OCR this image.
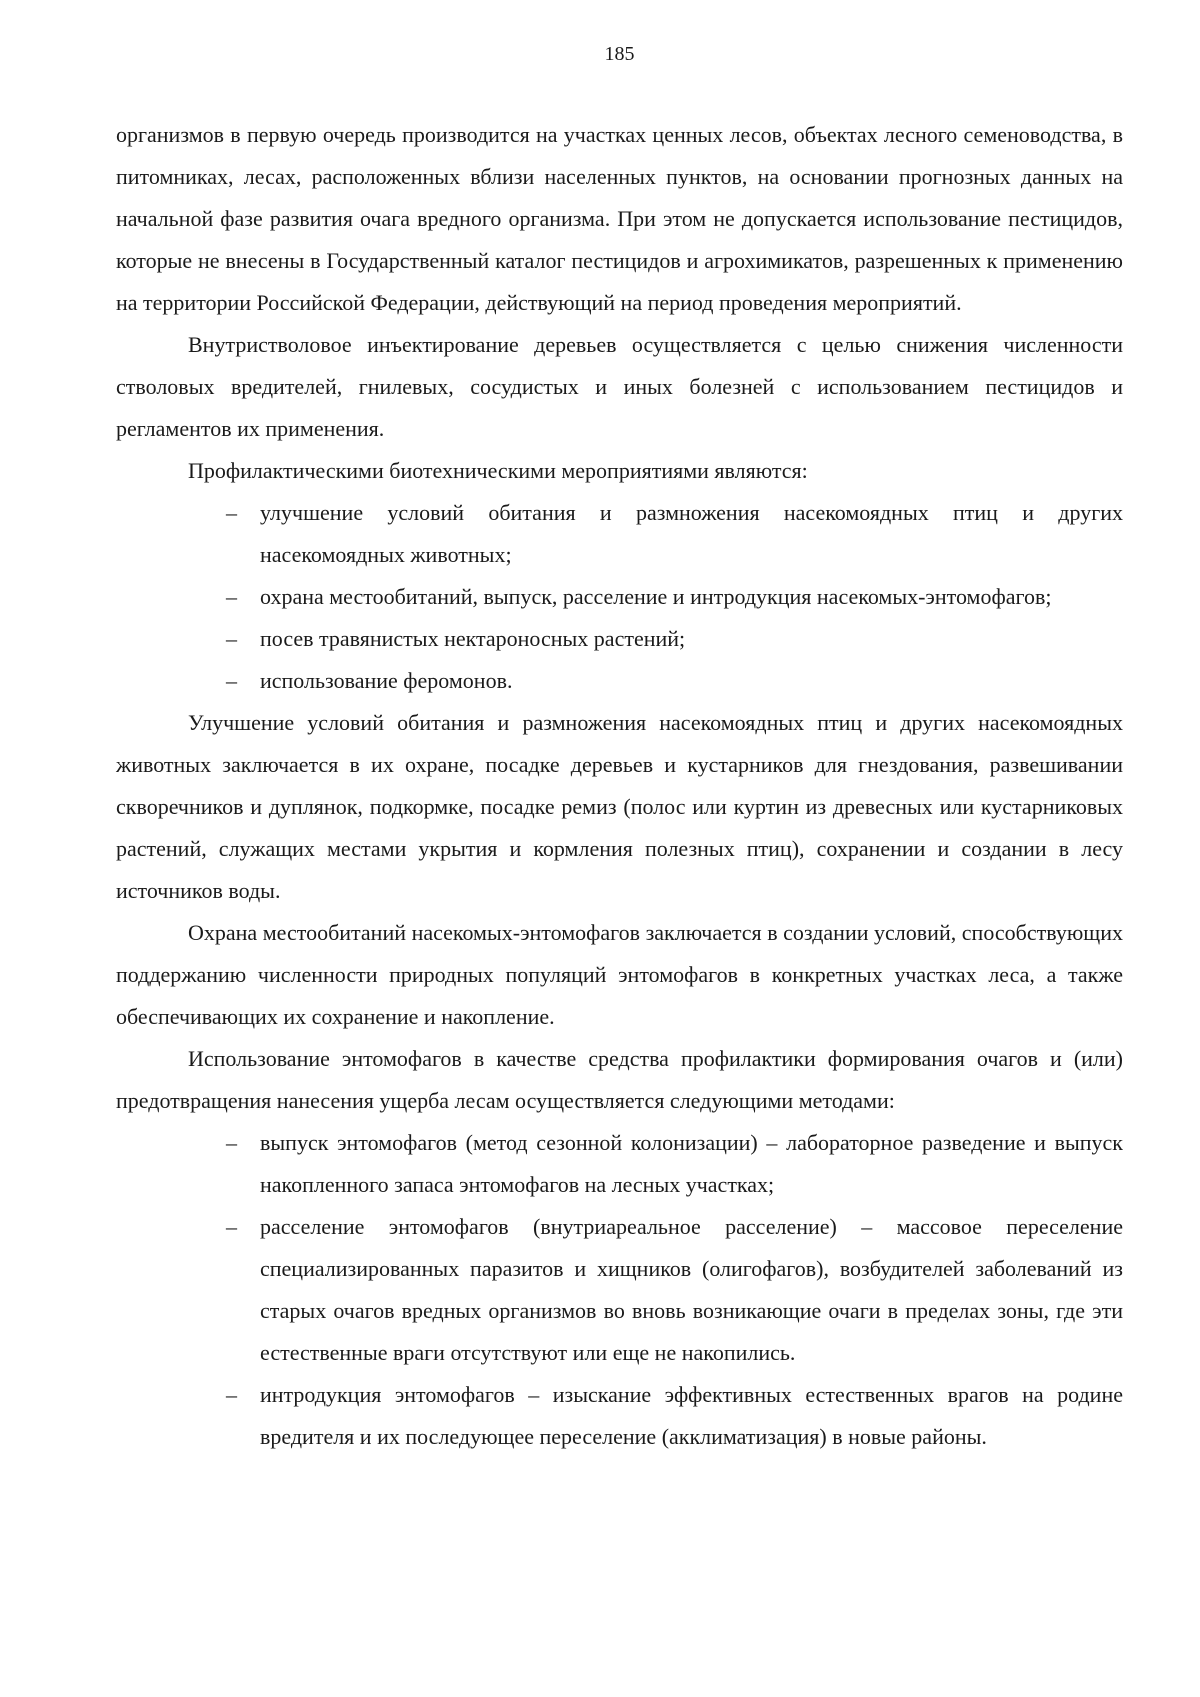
185

организмов в первую очередь производится на участках ценных лесов, объектах лесного семеноводства, в питомниках, лесах, расположенных вблизи населенных пунктов, на основании прогнозных данных на начальной фазе развития очага вредного организма. При этом не допускается использование пестицидов, которые не внесены в Государственный каталог пестицидов и агрохимикатов, разрешенных к применению на территории Российской Федерации, действующий на период проведения мероприятий.

Внутристволовое инъектирование деревьев осуществляется с целью снижения численности стволовых вредителей, гнилевых, сосудистых и иных болезней с использованием пестицидов и регламентов их применения.

Профилактическими биотехническими мероприятиями являются:

– улучшение условий обитания и размножения насекомоядных птиц и других насекомоядных животных;
– охрана местообитаний, выпуск, расселение и интродукция насекомых-энтомофагов;
– посев травянистых нектароносных растений;
– использование феромонов.

Улучшение условий обитания и размножения насекомоядных птиц и других насекомоядных животных заключается в их охране, посадке деревьев и кустарников для гнездования, развешивании скворечников и дуплянок, подкормке, посадке ремиз (полос или куртин из древесных или кустарниковых растений, служащих местами укрытия и кормления полезных птиц), сохранении и создании в лесу источников воды.

Охрана местообитаний насекомых-энтомофагов заключается в создании условий, способствующих поддержанию численности природных популяций энтомофагов в конкретных участках леса, а также обеспечивающих их сохранение и накопление.

Использование энтомофагов в качестве средства профилактики формирования очагов и (или) предотвращения нанесения ущерба лесам осуществляется следующими методами:

– выпуск энтомофагов (метод сезонной колонизации) – лабораторное разведение и выпуск накопленного запаса энтомофагов на лесных участках;
– расселение энтомофагов (внутриареальное расселение) – массовое переселение специализированных паразитов и хищников (олигофагов), возбудителей заболеваний из старых очагов вредных организмов во вновь возникающие очаги в пределах зоны, где эти естественные враги отсутствуют или еще не накопились.
– интродукция энтомофагов – изыскание эффективных естественных врагов на родине вредителя и их последующее переселение (акклиматизация) в новые районы.
